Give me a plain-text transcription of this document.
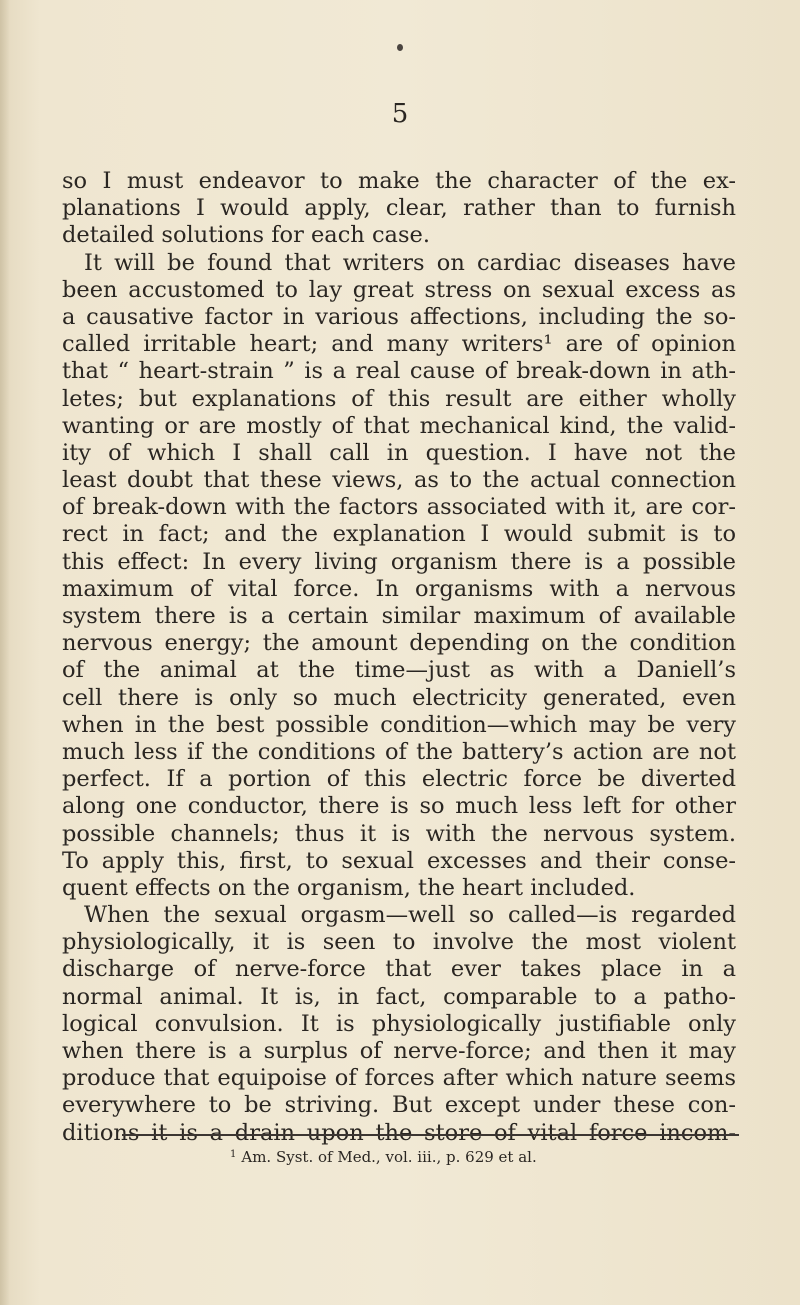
5
so I must endeavor to make the character of the ex-
planations I would apply, clear, rather than to furnish
detailed solutions for each case.
It will be found that writers on cardiac diseases have
been accustomed to lay great stress on sexual excess as
a causative factor in various affections, including the so-
called irritable heart; and many writers¹ are of opinion
that “ heart-strain ” is a real cause of break-down in ath-
letes; but explanations of this result are either wholly
wanting or are mostly of that mechanical kind, the valid-
ity of which I shall call in question. I have not the
least doubt that these views, as to the actual connection
of break-down with the factors associated with it, are cor-
rect in fact; and the explanation I would submit is to
this effect: In every living organism there is a possible
maximum of vital force. In organisms with a nervous
system there is a certain similar maximum of available
nervous energy; the amount depending on the condition
of the animal at the time—just as with a Daniell’s
cell there is only so much electricity generated, even
when in the best possible condition—which may be very
much less if the conditions of the battery’s action are not
perfect. If a portion of this electric force be diverted
along one conductor, there is so much less left for other
possible channels; thus it is with the nervous system.
To apply this, first, to sexual excesses and their conse-
quent effects on the organism, the heart included.
When the sexual orgasm—well so called—is regarded
physiologically, it is seen to involve the most violent
discharge of nerve-force that ever takes place in a
normal animal. It is, in fact, comparable to a patho-
logical convulsion. It is physiologically justifiable only
when there is a surplus of nerve-force; and then it may
produce that equipoise of forces after which nature seems
everywhere to be striving. But except under these con-
ditions it is a drain upon the store of vital force incom-
$^1$ Am. Syst. of Med., vol. iii., p. 629 et al.
